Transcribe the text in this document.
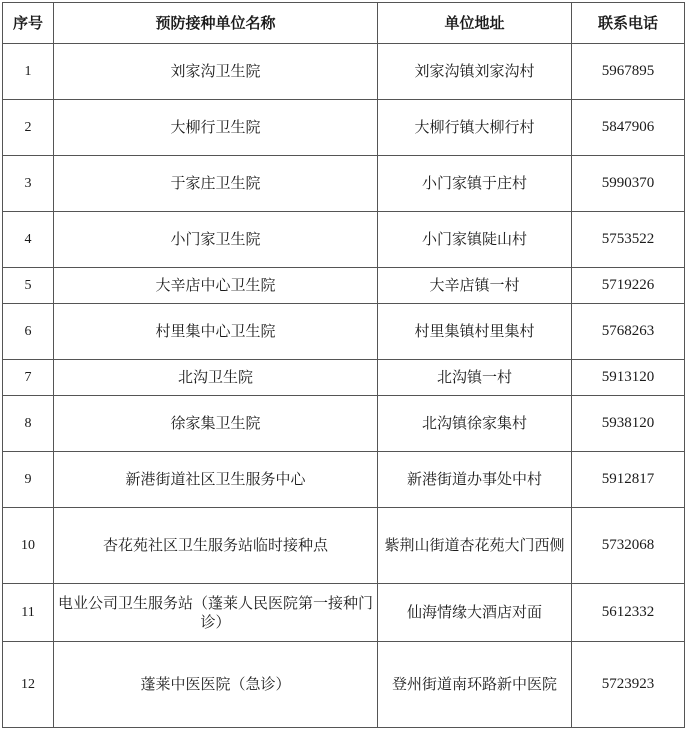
序号	预防接种单位名称	单位地址	联系电话
1	刘家沟卫生院	刘家沟镇刘家沟村	5967895
2	大柳行卫生院	大柳行镇大柳行村	5847906
3	于家庄卫生院	小门家镇于庄村	5990370
4	小门家卫生院	小门家镇陡山村	5753522
5	大辛店中心卫生院	大辛店镇一村	5719226
6	村里集中心卫生院	村里集镇村里集村	5768263
7	北沟卫生院	北沟镇一村	5913120
8	徐家集卫生院	北沟镇徐家集村	5938120
9	新港街道社区卫生服务中心	新港街道办事处中村	5912817
10	杏花苑社区卫生服务站临时接种点	紫荆山街道杏花苑大门西侧	5732068
11	电业公司卫生服务站（蓬莱人民医院第一接种门诊）	仙海情缘大酒店对面	5612332
12	蓬莱中医医院（急诊）	登州街道南环路新中医院	5723923
